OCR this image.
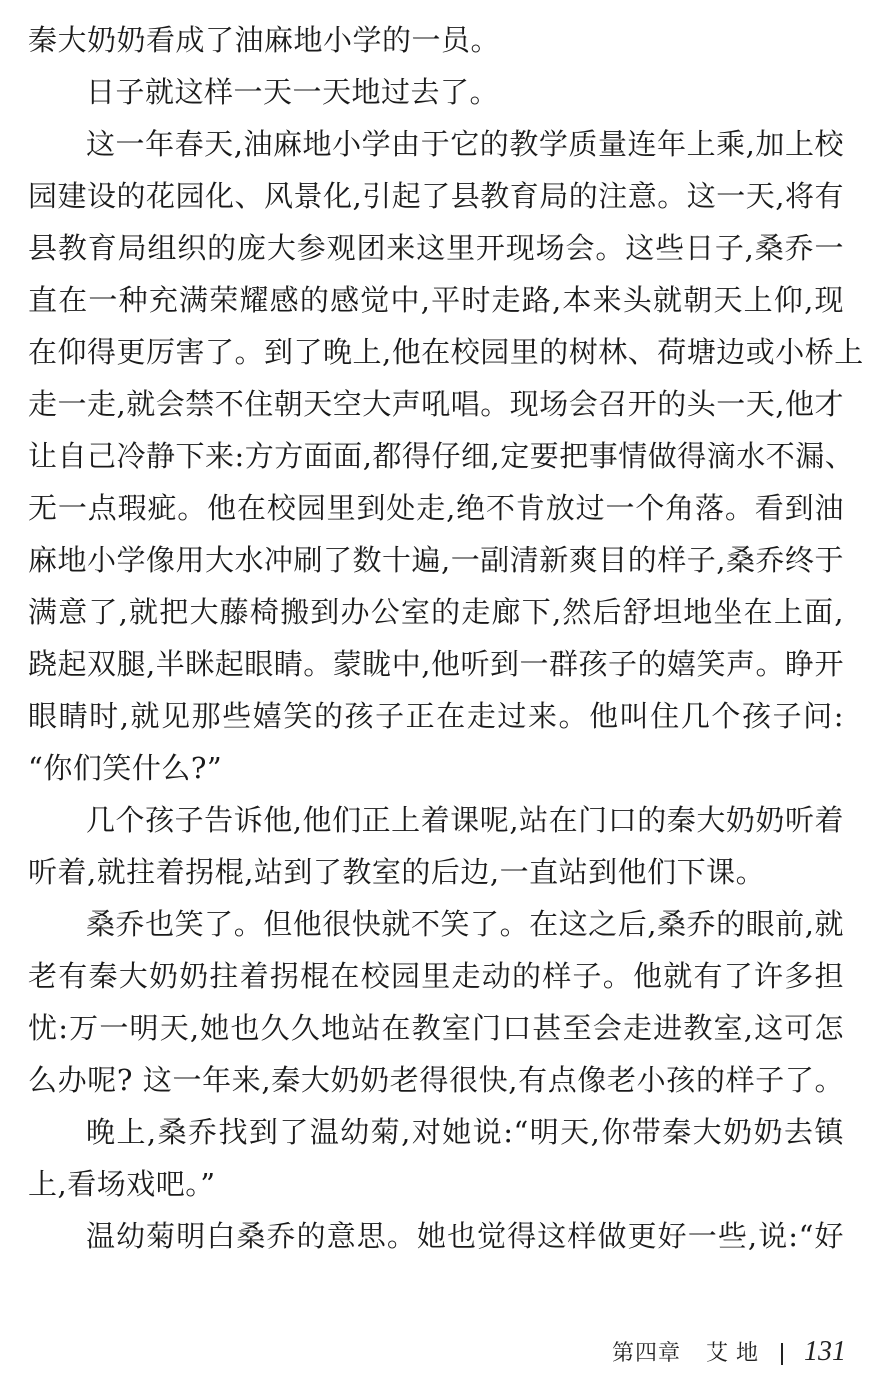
秦大奶奶看成了油麻地小学的一员。
日子就这样一天一天地过去了。
这一年春天,油麻地小学由于它的教学质量连年上乘,加上校
园建设的花园化、风景化,引起了县教育局的注意。这一天,将有
县教育局组织的庞大参观团来这里开现场会。这些日子,桑乔一
直在一种充满荣耀感的感觉中,平时走路,本来头就朝天上仰,现
在仰得更厉害了。到了晚上,他在校园里的树林、荷塘边或小桥上
走一走,就会禁不住朝天空大声吼唱。现场会召开的头一天,他才
让自己冷静下来:方方面面,都得仔细,定要把事情做得滴水不漏、
无一点瑕疵。他在校园里到处走,绝不肯放过一个角落。看到油
麻地小学像用大水冲刷了数十遍,一副清新爽目的样子,桑乔终于
满意了,就把大藤椅搬到办公室的走廊下,然后舒坦地坐在上面,
跷起双腿,半眯起眼睛。蒙眬中,他听到一群孩子的嬉笑声。睁开
眼睛时,就见那些嬉笑的孩子正在走过来。他叫住几个孩子问:
“你们笑什么?”
几个孩子告诉他,他们正上着课呢,站在门口的秦大奶奶听着
听着,就拄着拐棍,站到了教室的后边,一直站到他们下课。
桑乔也笑了。但他很快就不笑了。在这之后,桑乔的眼前,就
老有秦大奶奶拄着拐棍在校园里走动的样子。他就有了许多担
忧:万一明天,她也久久地站在教室门口甚至会走进教室,这可怎
么办呢? 这一年来,秦大奶奶老得很快,有点像老小孩的样子了。
晚上,桑乔找到了温幼菊,对她说:“明天,你带秦大奶奶去镇
上,看场戏吧。”
温幼菊明白桑乔的意思。她也觉得这样做更好一些,说:“好
第四章 艾地 131
